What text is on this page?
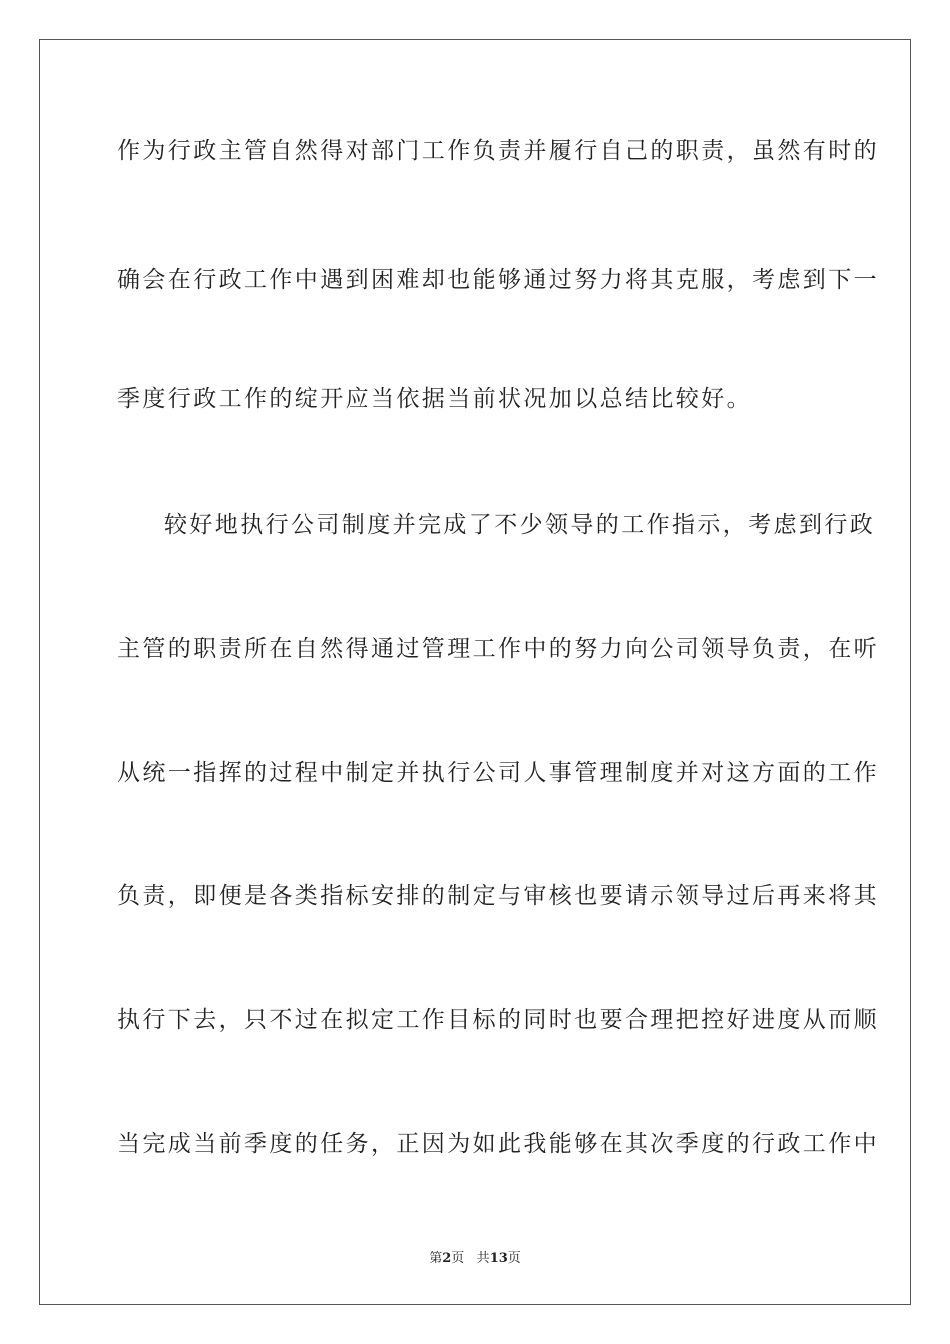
作为行政主管自然得对部门工作负责并履行自己的职责，虽然有时的
确会在行政工作中遇到困难却也能够通过努力将其克服，考虑到下一
季度行政工作的绽开应当依据当前状况加以总结比较好。
较好地执行公司制度并完成了不少领导的工作指示，考虑到行政
主管的职责所在自然得通过管理工作中的努力向公司领导负责，在听
从统一指挥的过程中制定并执行公司人事管理制度并对这方面的工作
负责，即便是各类指标安排的制定与审核也要请示领导过后再来将其
执行下去，只不过在拟定工作目标的同时也要合理把控好进度从而顺
当完成当前季度的任务，正因为如此我能够在其次季度的行政工作中
第2页 共13页
